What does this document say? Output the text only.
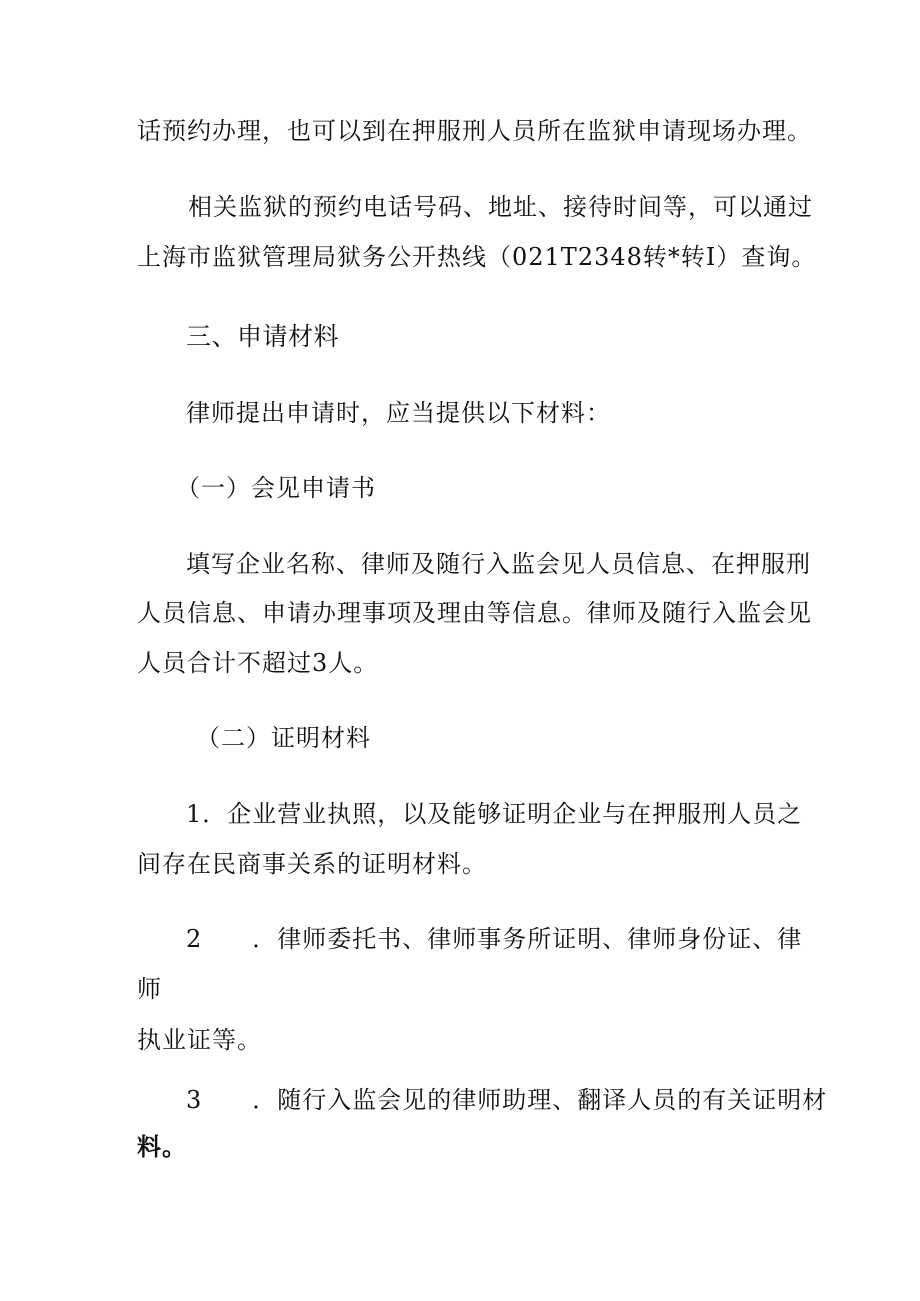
话预约办理，也可以到在押服刑人员所在监狱申请现场办理。
相关监狱的预约电话号码、地址、接待时间等，可以通过
上海市监狱管理局狱务公开热线（021T2348转*转I）查询。
三、申请材料
律师提出申请时，应当提供以下材料：
（一）会见申请书
填写企业名称、律师及随行入监会见人员信息、在押服刑
人员信息、申请办理事项及理由等信息。律师及随行入监会见
人员合计不超过3人。
（二）证明材料
1．企业营业执照，以及能够证明企业与在押服刑人员之
间存在民商事关系的证明材料。
2　　．律师委托书、律师事务所证明、律师身份证、律
师
执业证等。
3　　．随行入监会见的律师助理、翻译人员的有关证明材
料。
